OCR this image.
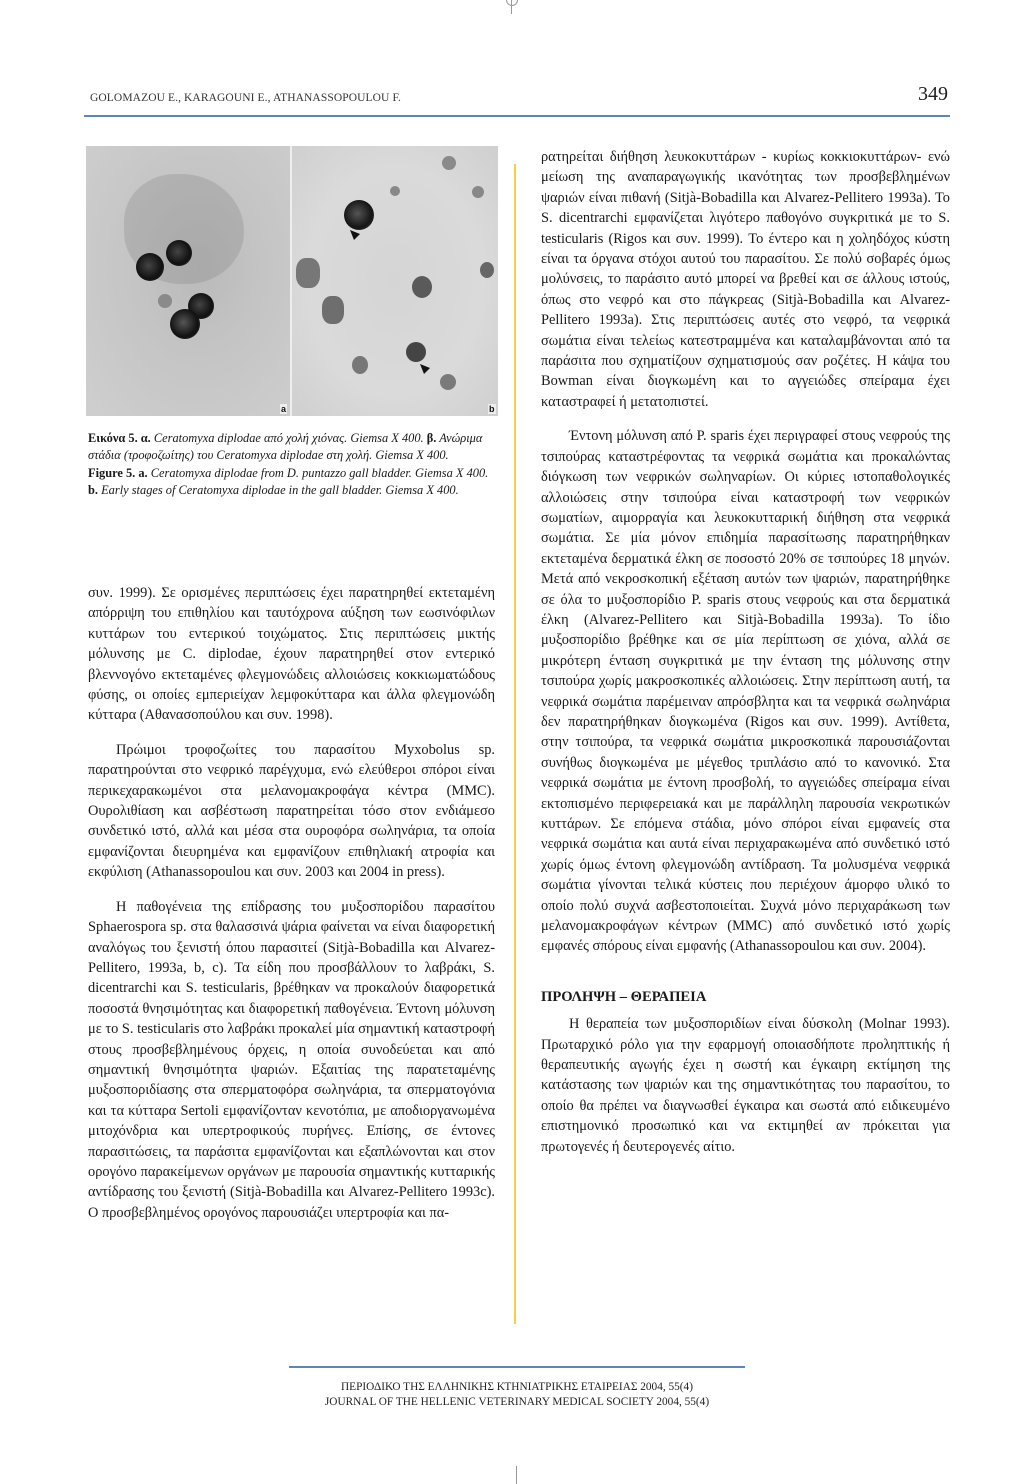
GOLOMAZOU E., KARAGOUNI E., ATHANASSOPOULOU F.	349
a	b
Εικόνα 5. α. Ceratomyxa diplodae από χολή χιόνας. Giemsa X 400. β. Ανώριμα στάδια (τροφοζωίτης) του Ceratomyxa diplodae στη χολή. Giemsa X 400.
Figure 5. a. Ceratomyxa diplodae from D. puntazzo gall bladder. Giemsa X 400. b. Early stages of Ceratomyxa diplodae in the gall bladder. Giemsa X 400.

συν. 1999). Σε ορισμένες περιπτώσεις έχει παρατηρηθεί εκτεταμένη απόρριψη του επιθηλίου και ταυτόχρονα αύξηση των εωσινόφιλων κυττάρων του εντερικού τοιχώματος. Στις περιπτώσεις μικτής μόλυνσης με C. diplodae, έχουν παρατηρηθεί στον εντερικό βλεννογόνο εκτεταμένες φλεγμονώδεις αλλοιώσεις κοκκιωματώδους φύσης, οι οποίες εμπεριείχαν λεμφοκύτταρα και άλλα φλεγμονώδη κύτταρα (Αθανασοπούλου και συν. 1998).

Πρώιμοι τροφοζωίτες του παρασίτου Myxobolus sp. παρατηρούνται στο νεφρικό παρέγχυμα, ενώ ελεύθεροι σπόροι είναι περικεχαρακωμένοι στα μελανομακροφάγα κέντρα (MMC). Ουρολιθίαση και ασβέστωση παρατηρείται τόσο στον ενδιάμεσο συνδετικό ιστό, αλλά και μέσα στα ουροφόρα σωληνάρια, τα οποία εμφανίζονται διευρημένα και εμφανίζουν επιθηλιακή ατροφία και εκφύλιση (Athanassopoulou και συν. 2003 και 2004 in press).

Η παθογένεια της επίδρασης του μυξοσπορίδου παρασίτου Sphaerospora sp. στα θαλασσινά ψάρια φαίνεται να είναι διαφορετική αναλόγως του ξενιστή όπου παρασιτεί (Sitjà-Bobadilla και Alvarez-Pellitero, 1993a, b, c). Τα είδη που προσβάλλουν το λαβράκι, S. dicentrarchi και S. testicularis, βρέθηκαν να προκαλούν διαφορετικά ποσοστά θνησιμότητας και διαφορετική παθογένεια. Έντονη μόλυνση με το S. testicularis στο λαβράκι προκαλεί μία σημαντική καταστροφή στους προσβεβλημένους όρχεις, η οποία συνοδεύεται και από σημαντική θνησιμότητα ψαριών. Εξαιτίας της παρατεταμένης μυξοσποριδίασης στα σπερματοφόρα σωληνάρια, τα σπερματογόνια και τα κύτταρα Sertoli εμφανίζονταν κενοτόπια, με αποδιοργανωμένα μιτοχόνδρια και υπερτροφικούς πυρήνες. Επίσης, σε έντονες παρασιτώσεις, τα παράσιτα εμφανίζονται και εξαπλώνονται και στον ορογόνο παρακείμενων οργάνων με παρουσία σημαντικής κυτταρικής αντίδρασης του ξενιστή (Sitjà-Bobadilla και Alvarez-Pellitero 1993c). Ο προσβεβλημένος ορογόνος παρουσιάζει υπερτροφία και πα-

ρατηρείται διήθηση λευκοκυττάρων - κυρίως κοκκιοκυττάρων- ενώ μείωση της αναπαραγωγικής ικανότητας των προσβεβλημένων ψαριών είναι πιθανή (Sitjà-Bobadilla και Alvarez-Pellitero 1993a). Το S. dicentrarchi εμφανίζεται λιγότερο παθογόνο συγκριτικά με το S. testicularis (Rigos και συν. 1999). Το έντερο και η χοληδόχος κύστη είναι τα όργανα στόχοι αυτού του παρασίτου. Σε πολύ σοβαρές όμως μολύνσεις, το παράσιτο αυτό μπορεί να βρεθεί και σε άλλους ιστούς, όπως στο νεφρό και στο πάγκρεας (Sitjà-Bobadilla και Alvarez-Pellitero 1993a). Στις περιπτώσεις αυτές στο νεφρό, τα νεφρικά σωμάτια είναι τελείως κατεστραμμένα και καταλαμβάνονται από τα παράσιτα που σχηματίζουν σχηματισμούς σαν ροζέτες. Η κάψα του Bowman είναι διογκωμένη και το αγγειώδες σπείραμα έχει καταστραφεί ή μετατοπιστεί.

Έντονη μόλυνση από P. sparis έχει περιγραφεί στους νεφρούς της τσιπούρας καταστρέφοντας τα νεφρικά σωμάτια και προκαλώντας διόγκωση των νεφρικών σωληναρίων. Οι κύριες ιστοπαθολογικές αλλοιώσεις στην τσιπούρα είναι καταστροφή των νεφρικών σωματίων, αιμορραγία και λευκοκυτταρική διήθηση στα νεφρικά σωμάτια. Σε μία μόνον επιδημία παρασίτωσης παρατηρήθηκαν εκτεταμένα δερματικά έλκη σε ποσοστό 20% σε τσιπούρες 18 μηνών. Μετά από νεκροσκοπική εξέταση αυτών των ψαριών, παρατηρήθηκε σε όλα το μυξοσπορίδιο P. sparis στους νεφρούς και στα δερματικά έλκη (Alvarez-Pellitero και Sitjà-Bobadilla 1993a). Το ίδιο μυξοσπορίδιο βρέθηκε και σε μία περίπτωση σε χιόνα, αλλά σε μικρότερη ένταση συγκριτικά με την ένταση της μόλυνσης στην τσιπούρα χωρίς μακροσκοπικές αλλοιώσεις. Στην περίπτωση αυτή, τα νεφρικά σωμάτια παρέμειναν απρόσβλητα και τα νεφρικά σωληνάρια δεν παρατηρήθηκαν διογκωμένα (Rigos και συν. 1999). Αντίθετα, στην τσιπούρα, τα νεφρικά σωμάτια μικροσκοπικά παρουσιάζονται συνήθως διογκωμένα με μέγεθος τριπλάσιο από το κανονικό. Στα νεφρικά σωμάτια με έντονη προσβολή, το αγγειώδες σπείραμα είναι εκτοπισμένο περιφερειακά και με παράλληλη παρουσία νεκρωτικών κυττάρων. Σε επόμενα στάδια, μόνο σπόροι είναι εμφανείς στα νεφρικά σωμάτια και αυτά είναι περιχαρακωμένα από συνδετικό ιστό χωρίς όμως έντονη φλεγμονώδη αντίδραση. Τα μολυσμένα νεφρικά σωμάτια γίνονται τελικά κύστεις που περιέχουν άμορφο υλικό το οποίο πολύ συχνά ασβεστοποιείται. Συχνά μόνο περιχαράκωση των μελανομακροφάγων κέντρων (MMC) από συνδετικό ιστό χωρίς εμφανές σπόρους είναι εμφανής (Athanassopoulou και συν. 2004).

ΠΡΟΛΗΨΗ – ΘΕΡΑΠΕΙΑ

Η θεραπεία των μυξοσποριδίων είναι δύσκολη (Molnar 1993). Πρωταρχικό ρόλο για την εφαρμογή οποιασδήποτε προληπτικής ή θεραπευτικής αγωγής έχει η σωστή και έγκαιρη εκτίμηση της κατάστασης των ψαριών και της σημαντικότητας του παρασίτου, το οποίο θα πρέπει να διαγνωσθεί έγκαιρα και σωστά από ειδικευμένο επιστημονικό προσωπικό και να εκτιμηθεί αν πρόκειται για πρωτογενές ή δευτερογενές αίτιο.

ΠΕΡΙΟΔΙΚΟ ΤΗΣ ΕΛΛΗΝΙΚΗΣ ΚΤΗΝΙΑΤΡΙΚΗΣ ΕΤΑΙΡΕΙΑΣ 2004, 55(4)
JOURNAL OF THE HELLENIC VETERINARY MEDICAL SOCIETY 2004, 55(4)
